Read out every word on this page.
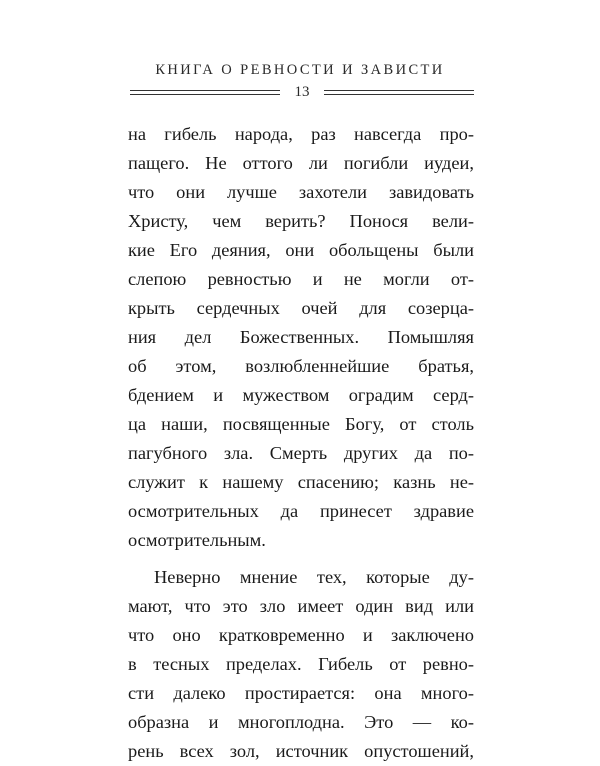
КНИГА О РЕВНОСТИ И ЗАВИСТИ
13
на гибель народа, раз навсегда про-
пащего. Не оттого ли погибли иудеи,
что они лучше захотели завидовать
Христу, чем верить? Понося вели-
кие Его деяния, они обольщены были
слепою ревностью и не могли от-
крыть сердечных очей для созерца-
ния дел Божественных. Помышляя
об этом, возлюбленнейшие братья,
бдением и мужеством оградим серд-
ца наши, посвященные Богу, от столь
пагубного зла. Смерть других да по-
служит к нашему спасению; казнь не-
осмотрительных да принесет здравие
осмотрительным.
Неверно мнение тех, которые ду-
мают, что это зло имеет один вид или
что оно кратковременно и заключено
в тесных пределах. Гибель от ревно-
сти далеко простирается: она много-
образна и многоплодна. Это — ко-
рень всех зол, источник опустошений,
